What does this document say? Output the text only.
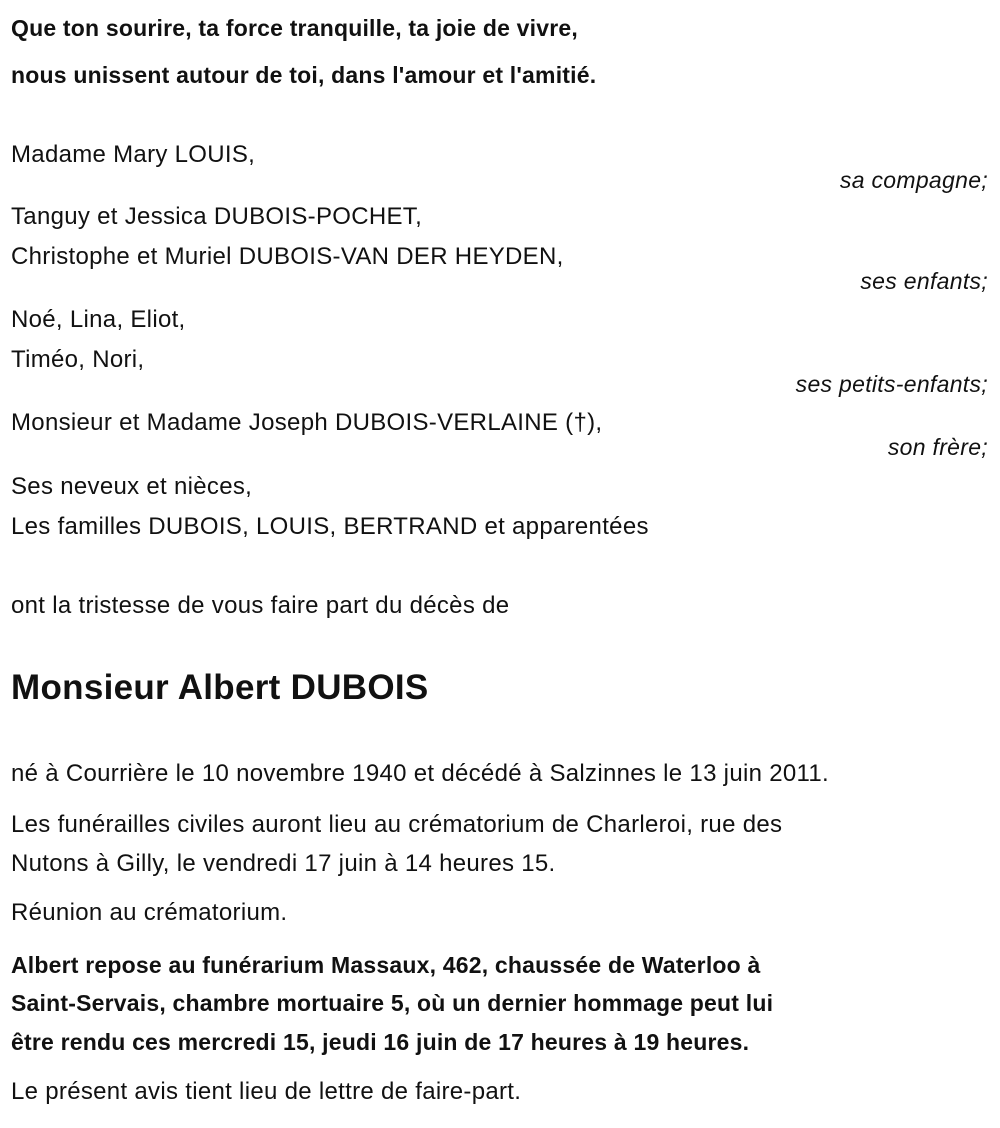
Que ton sourire, ta force tranquille, ta joie de vivre,
nous unissent autour de toi, dans l'amour et l'amitié.
Madame Mary LOUIS,
sa compagne;
Tanguy et Jessica DUBOIS-POCHET,
Christophe et Muriel DUBOIS-VAN DER HEYDEN,
ses enfants;
Noé, Lina, Eliot,
Timéo, Nori,
ses petits-enfants;
Monsieur et Madame Joseph DUBOIS-VERLAINE (†),
son frère;
Ses neveux et nièces,
Les familles DUBOIS, LOUIS, BERTRAND et apparentées
ont la tristesse de vous faire part du décès de
Monsieur Albert DUBOIS
né à Courrière le 10 novembre 1940 et décédé à Salzinnes le 13 juin 2011.
Les funérailles civiles auront lieu au crématorium de Charleroi, rue des
Nutons à Gilly, le vendredi 17 juin à 14 heures 15.
Réunion au crématorium.
Albert repose au funérarium Massaux, 462, chaussée de Waterloo à
Saint-Servais, chambre mortuaire 5, où un dernier hommage peut lui
être rendu ces mercredi 15, jeudi 16 juin de 17 heures à 19 heures.
Le présent avis tient lieu de lettre de faire-part.
